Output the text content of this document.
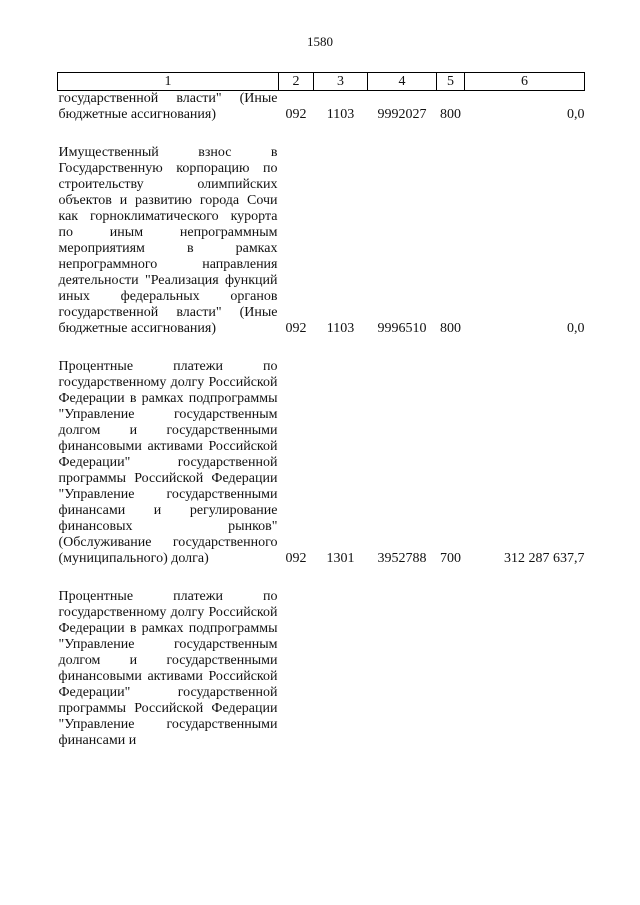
1580
1	2	3	4	5	6
государственной власти" (Иные бюджетные ассигнования)	092	1103	9992027	800	0,0

Имущественный взнос в Государственную корпорацию по строительству олимпийских объектов и развитию города Сочи как горноклиматического курорта по иным непрограммным мероприятиям в рамках непрограммного направления деятельности "Реализация функций иных федеральных органов государственной власти" (Иные бюджетные ассигнования)	092	1103	9996510	800	0,0

Процентные платежи по государственному долгу Российской Федерации в рамках подпрограммы "Управление государственным долгом и государственными финансовыми активами Российской Федерации" государственной программы Российской Федерации "Управление государственными финансами и регулирование финансовых рынков" (Обслуживание государственного (муниципального) долга)	092	1301	3952788	700	312 287 637,7

Процентные платежи по государственному долгу Российской Федерации в рамках подпрограммы "Управление государственным долгом и государственными финансовыми активами Российской Федерации" государственной программы Российской Федерации "Управление государственными финансами и					
